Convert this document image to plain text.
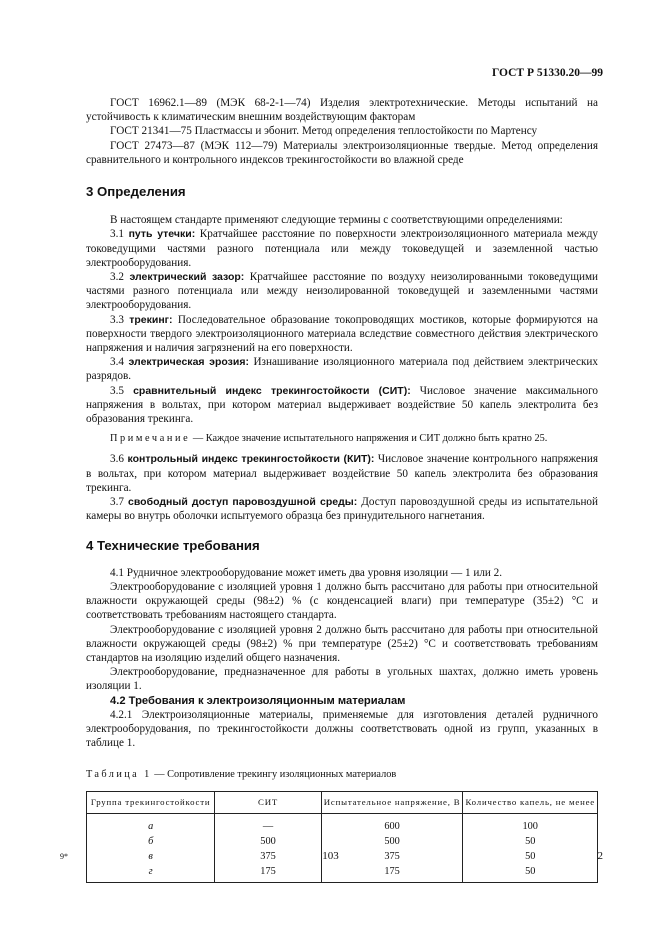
ГОСТ Р 51330.20—99

ГОСТ 16962.1—89 (МЭК 68-2-1—74) Изделия электротехнические. Методы испытаний на устойчивость к климатическим внешним воздействующим факторам

ГОСТ 21341—75 Пластмассы и эбонит. Метод определения теплостойкости по Мартенсу

ГОСТ 27473—87 (МЭК 112—79) Материалы электроизоляционные твердые. Метод определения сравнительного и контрольного индексов трекингостойкости во влажной среде

3 Определения

В настоящем стандарте применяют следующие термины с соответствующими определениями:

3.1 путь утечки: Кратчайшее расстояние по поверхности электроизоляционного материала между токоведущими частями разного потенциала или между токоведущей и заземленной частью электрооборудования.

3.2 электрический зазор: Кратчайшее расстояние по воздуху неизолированными токоведущими частями разного потенциала или между неизолированной токоведущей и заземленными частями электрооборудования.

3.3 трекинг: Последовательное образование токопроводящих мостиков, которые формируются на поверхности твердого электроизоляционного материала вследствие совместного действия электрического напряжения и наличия загрязнений на его поверхности.

3.4 электрическая эрозия: Изнашивание изоляционного материала под действием электрических разрядов.

3.5 сравнительный индекс трекингостойкости (СИТ): Числовое значение максимального напряжения в вольтах, при котором материал выдерживает воздействие 50 капель электролита без образования трекинга.

Примечание — Каждое значение испытательного напряжения и СИТ должно быть кратно 25.

3.6 контрольный индекс трекингостойкости (КИТ): Числовое значение контрольного напряжения в вольтах, при котором материал выдерживает воздействие 50 капель электролита без образования трекинга.

3.7 свободный доступ паровоздушной среды: Доступ паровоздушной среды из испытательной камеры во внутрь оболочки испытуемого образца без принудительного нагнетания.

4 Технические требования

4.1 Рудничное электрооборудование может иметь два уровня изоляции — 1 или 2.

Электрооборудование с изоляцией уровня 1 должно быть рассчитано для работы при относительной влажности окружающей среды (98±2) % (с конденсацией влаги) при температуре (35±2) °С и соответствовать требованиям настоящего стандарта.

Электрооборудование с изоляцией уровня 2 должно быть рассчитано для работы при относительной влажности окружающей среды (98±2) % при температуре (25±2) °С и соответствовать требованиям стандартов на изоляцию изделий общего назначения.

Электрооборудование, предназначенное для работы в угольных шахтах, должно иметь уровень изоляции 1.

4.2 Требования к электроизоляционным материалам

4.2.1 Электроизоляционные материалы, применяемые для изготовления деталей рудничного электрооборудования, по трекингостойкости должны соответствовать одной из групп, указанных в таблице 1.

Таблица 1 — Сопротивление трекингу изоляционных материалов

Группа трекингостойкости	СИТ	Испытательное напряжение, В	Количество капель, не менее
а	—	600	100
б	500	500	50
в	375	375	50
г	175	175	50
9*	103	2
